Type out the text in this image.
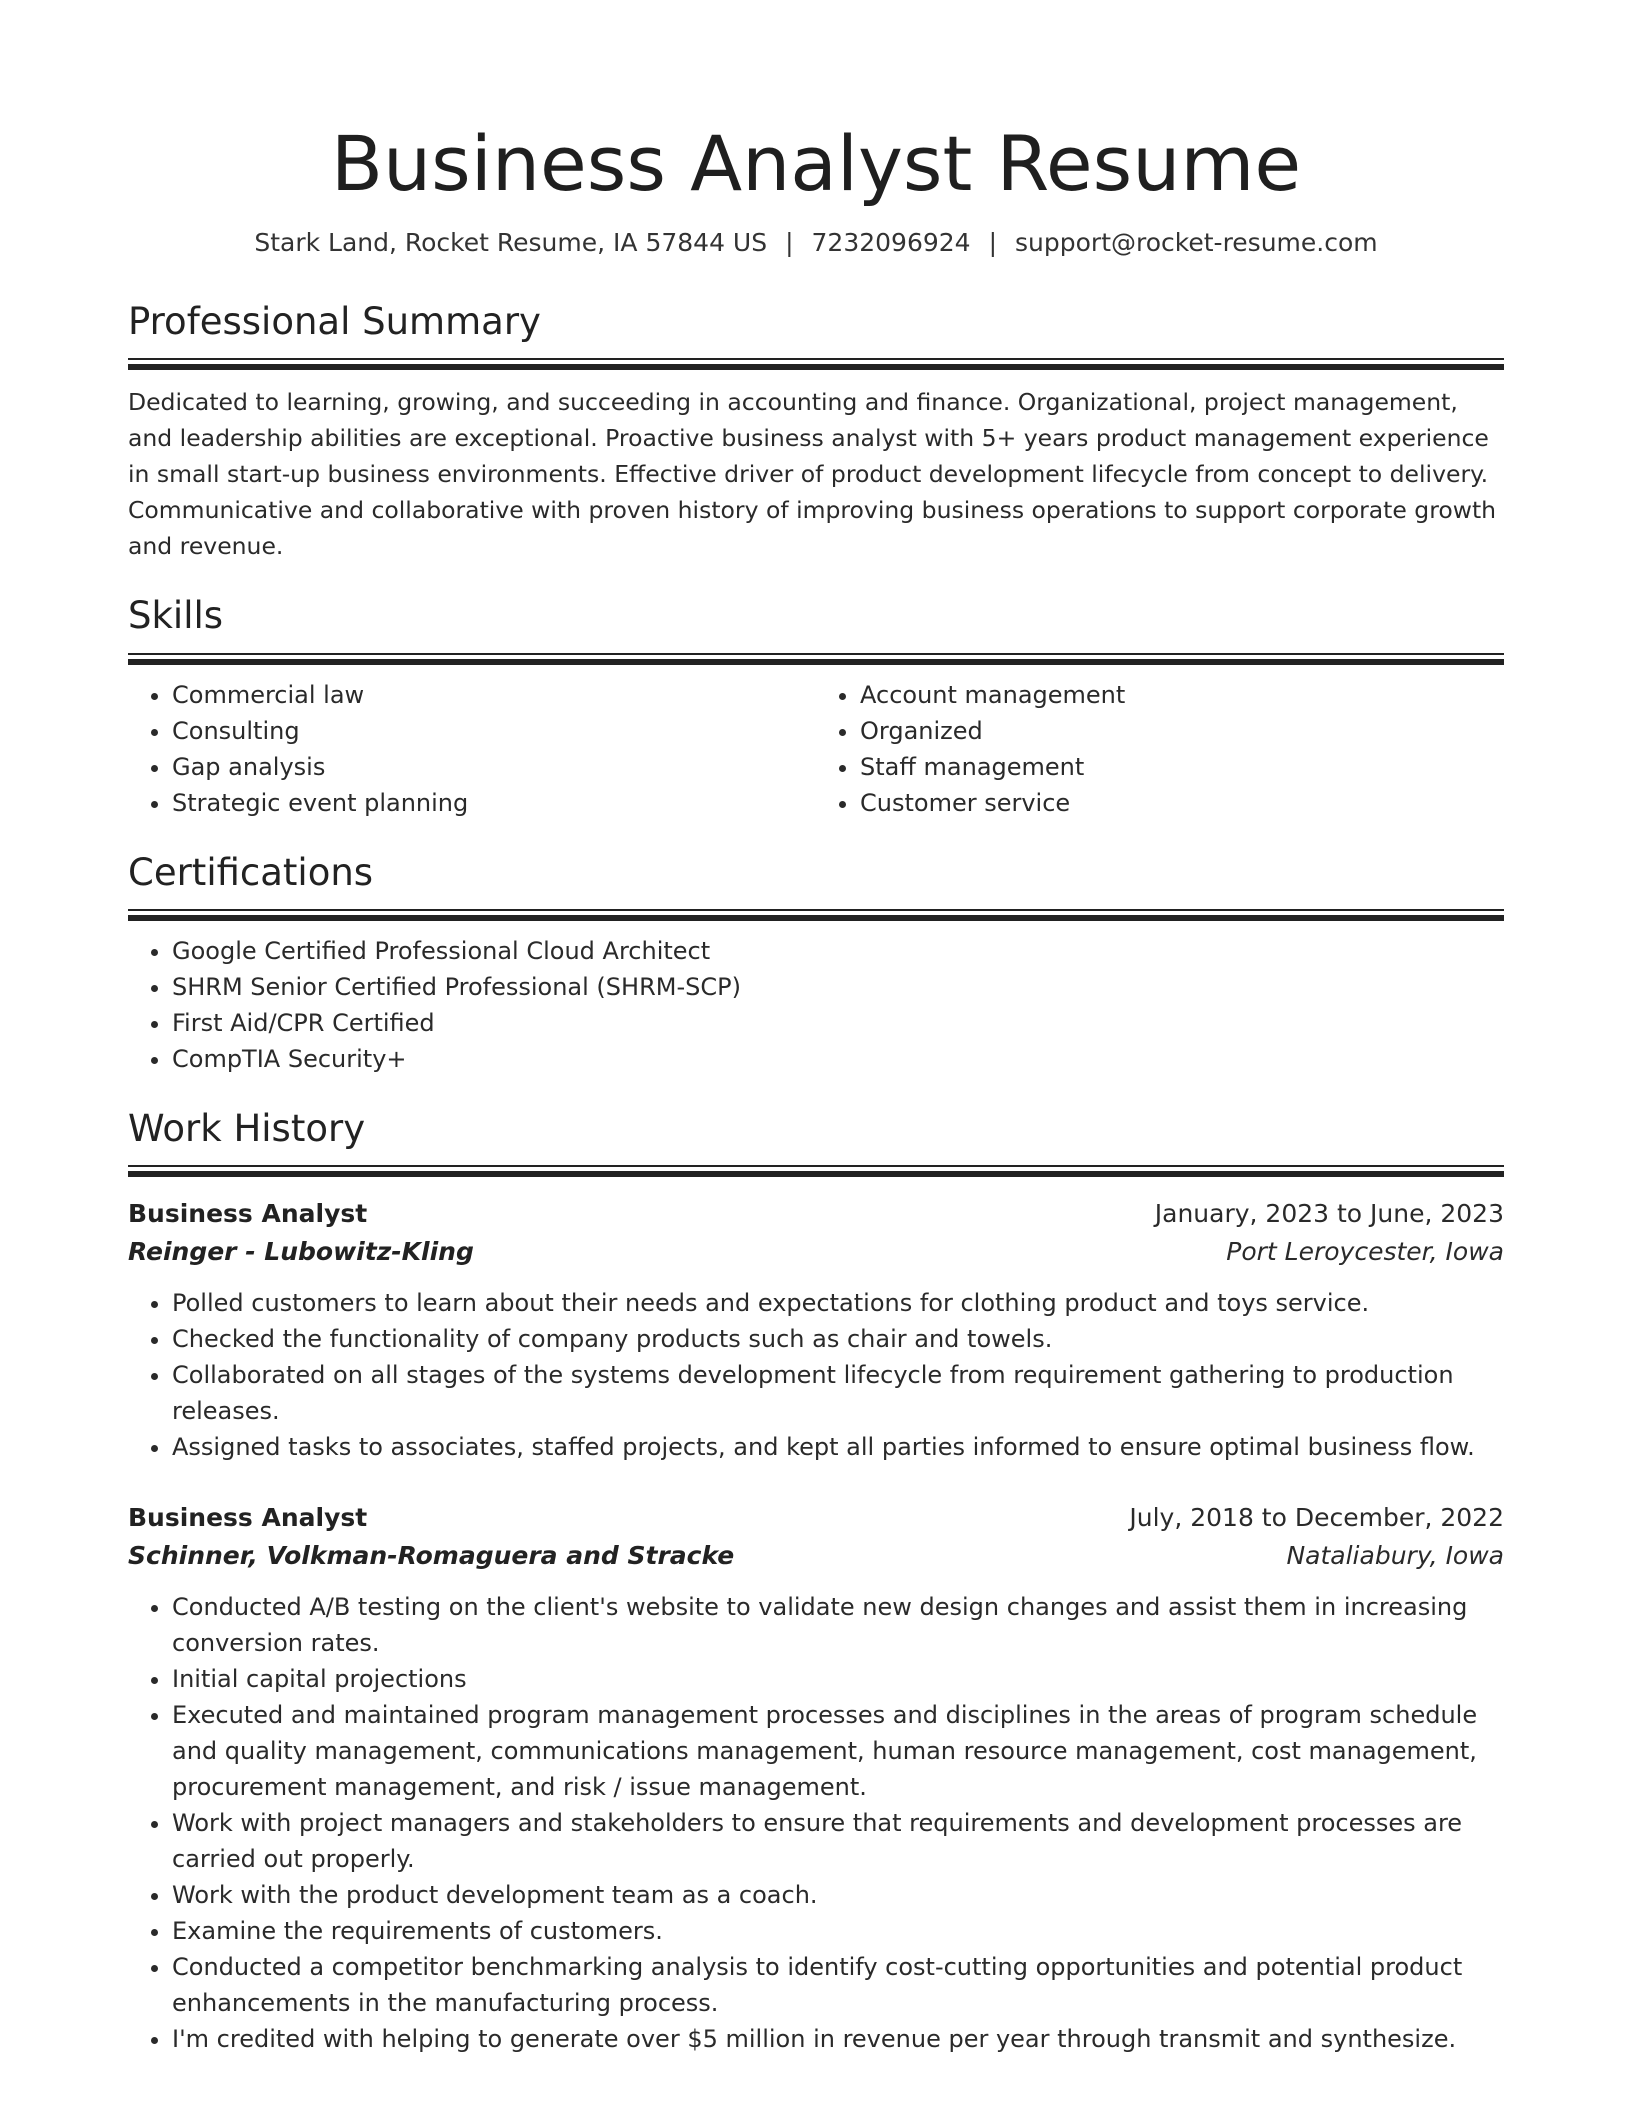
Business Analyst Resume
Stark Land, Rocket Resume, IA 57844 US | 7232096924 | support@rocket-resume.com
Professional Summary

Dedicated to learning, growing, and succeeding in accounting and finance. Organizational, project management, and leadership abilities are exceptional. Proactive business analyst with 5+ years product management experience in small start-up business environments. Effective driver of product development lifecycle from concept to delivery. Communicative and collaborative with proven history of improving business operations to support corporate growth and revenue.

Skills
• Commercial law
• Consulting
• Gap analysis
• Strategic event planning
• Account management
• Organized
• Staff management
• Customer service
Certifications
• Google Certified Professional Cloud Architect
• SHRM Senior Certified Professional (SHRM-SCP)
• First Aid/CPR Certified
• CompTIA Security+
Work History
Business Analyst	January, 2023 to June, 2023
Reinger - Lubowitz-Kling	Port Leroycester, Iowa
• Polled customers to learn about their needs and expectations for clothing product and toys service.
• Checked the functionality of company products such as chair and towels.
• Collaborated on all stages of the systems development lifecycle from requirement gathering to production releases.
• Assigned tasks to associates, staffed projects, and kept all parties informed to ensure optimal business flow.
Business Analyst	July, 2018 to December, 2022
Schinner, Volkman-Romaguera and Stracke	Nataliabury, Iowa
• Conducted A/B testing on the client's website to validate new design changes and assist them in increasing conversion rates.
• Initial capital projections
• Executed and maintained program management processes and disciplines in the areas of program schedule and quality management, communications management, human resource management, cost management, procurement management, and risk / issue management.
• Work with project managers and stakeholders to ensure that requirements and development processes are carried out properly.
• Work with the product development team as a coach.
• Examine the requirements of customers.
• Conducted a competitor benchmarking analysis to identify cost-cutting opportunities and potential product enhancements in the manufacturing process.
• I'm credited with helping to generate over $5 million in revenue per year through transmit and synthesize.
